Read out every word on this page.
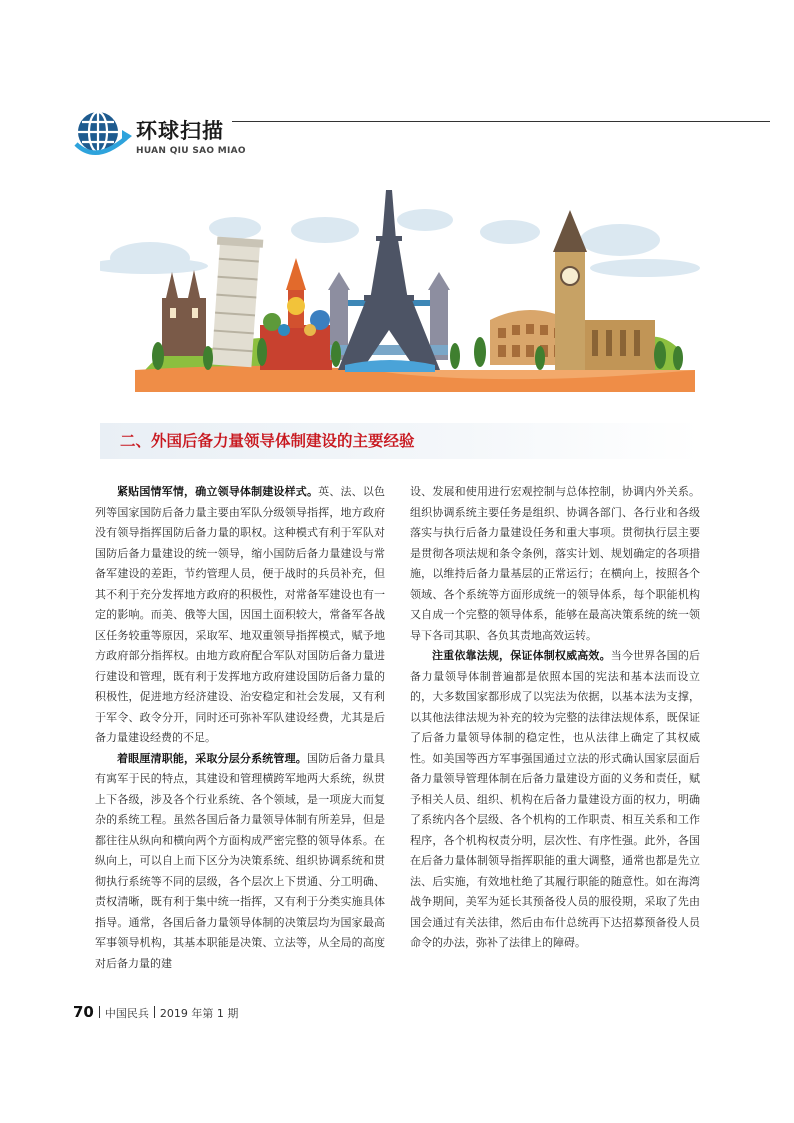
环球扫描
HUAN QIU SAO MIAO
二、外国后备力量领导体制建设的主要经验

紧贴国情军情，确立领导体制建设样式。英、法、以色列等国家国防后备力量主要由军队分级领导指挥，地方政府没有领导指挥国防后备力量的职权。这种模式有利于军队对国防后备力量建设的统一领导，缩小国防后备力量建设与常备军建设的差距，节约管理人员，便于战时的兵员补充，但其不利于充分发挥地方政府的积极性，对常备军建设也有一定的影响。而美、俄等大国，因国土面积较大，常备军各战区任务较重等原因，采取军、地双重领导指挥模式，赋予地方政府部分指挥权。由地方政府配合军队对国防后备力量进行建设和管理，既有利于发挥地方政府建设国防后备力量的积极性，促进地方经济建设、治安稳定和社会发展，又有利于军令、政令分开，同时还可弥补军队建设经费，尤其是后备力量建设经费的不足。

着眼厘清职能，采取分层分系统管理。国防后备力量具有寓军于民的特点，其建设和管理横跨军地两大系统，纵贯上下各级，涉及各个行业系统、各个领域，是一项庞大而复杂的系统工程。虽然各国后备力量领导体制有所差异，但是都往往从纵向和横向两个方面构成严密完整的领导体系。在纵向上，可以自上而下区分为决策系统、组织协调系统和贯彻执行系统等不同的层级，各个层次上下贯通、分工明确、责权清晰，既有利于集中统一指挥，又有利于分类实施具体指导。通常，各国后备力量领导体制的决策层均为国家最高军事领导机构，其基本职能是决策、立法等，从全局的高度对后备力量的建

设、发展和使用进行宏观控制与总体控制，协调内外关系。组织协调系统主要任务是组织、协调各部门、各行业和各级落实与执行后备力量建设任务和重大事项。贯彻执行层主要是贯彻各项法规和条令条例，落实计划、规划确定的各项措施，以维持后备力量基层的正常运行；在横向上，按照各个领域、各个系统等方面形成统一的领导体系，每个职能机构又自成一个完整的领导体系，能够在最高决策系统的统一领导下各司其职、各负其责地高效运转。

注重依靠法规，保证体制权威高效。当今世界各国的后备力量领导体制普遍都是依照本国的宪法和基本法而设立的，大多数国家都形成了以宪法为依据，以基本法为支撑，以其他法律法规为补充的较为完整的法律法规体系，既保证了后备力量领导体制的稳定性，也从法律上确定了其权威性。如美国等西方军事强国通过立法的形式确认国家层面后备力量领导管理体制在后备力量建设方面的义务和责任，赋予相关人员、组织、机构在后备力量建设方面的权力，明确了系统内各个层级、各个机构的工作职责、相互关系和工作程序，各个机构权责分明，层次性、有序性强。此外，各国在后备力量体制领导指挥职能的重大调整，通常也都是先立法、后实施，有效地杜绝了其履行职能的随意性。如在海湾战争期间，美军为延长其预备役人员的服役期，采取了先由国会通过有关法律，然后由布什总统再下达招募预备役人员命令的办法，弥补了法律上的障碍。

70 中国民兵 2019 年第 1 期
